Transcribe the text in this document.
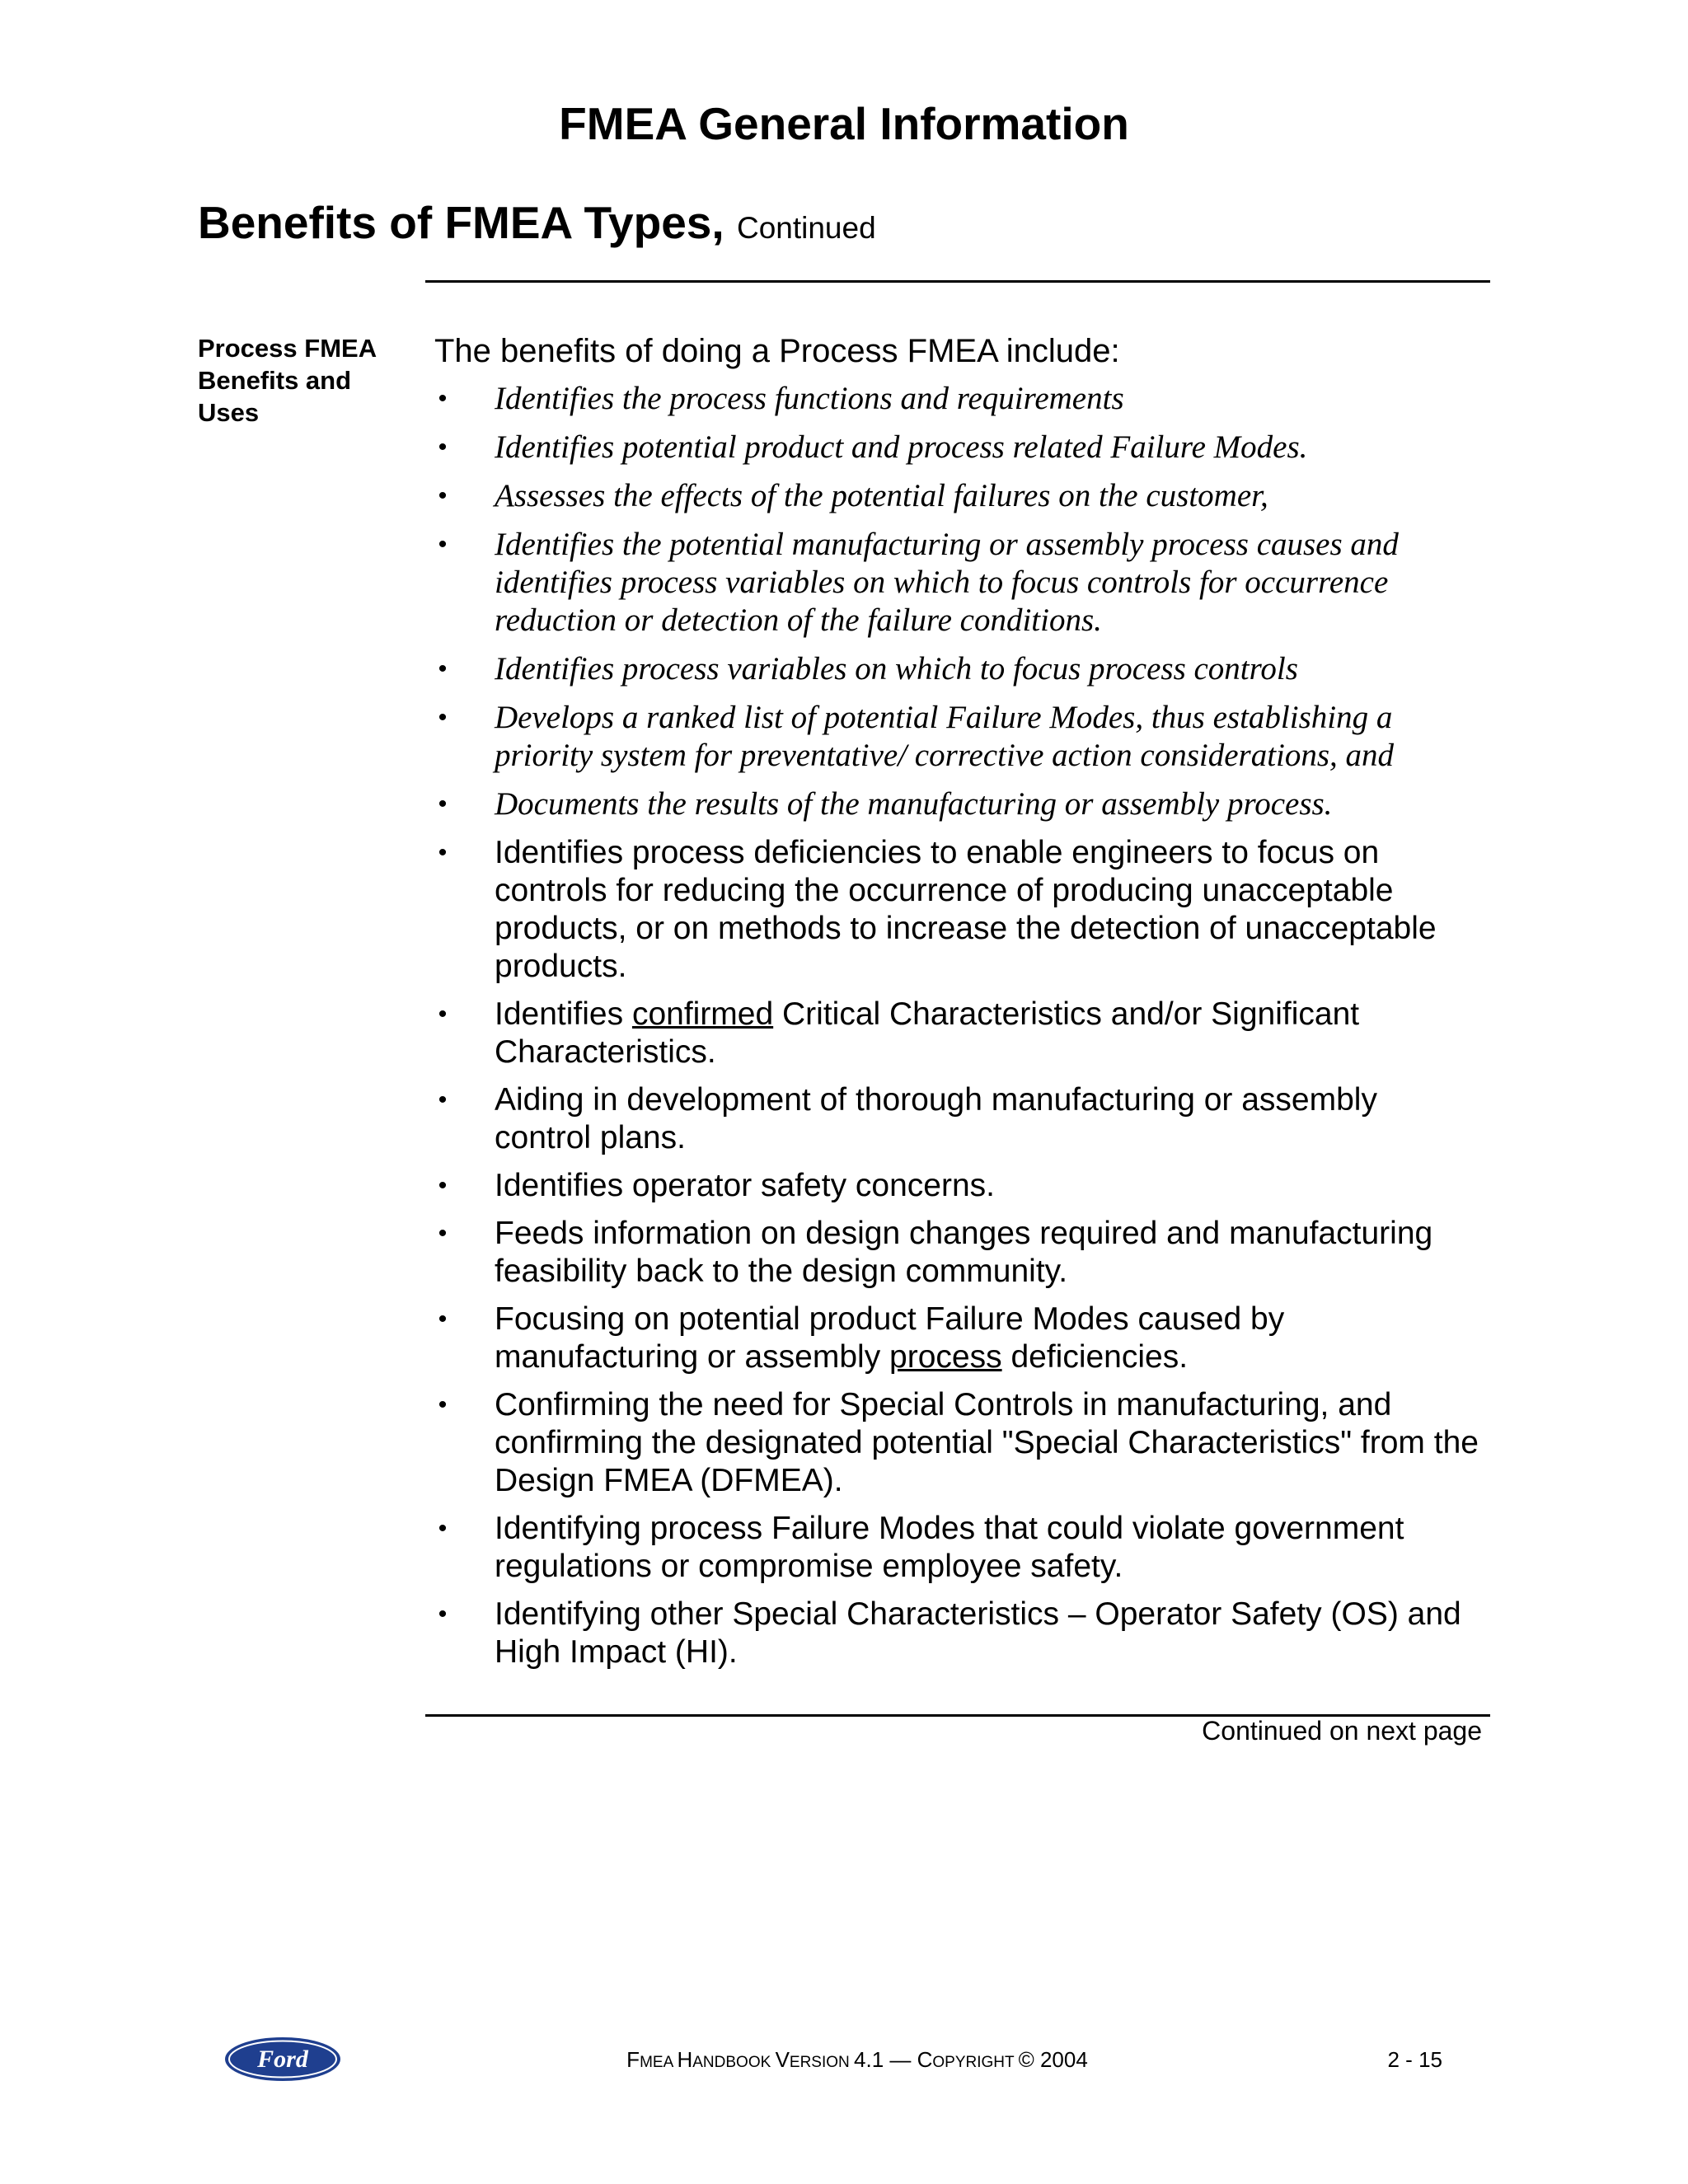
FMEA General Information
Benefits of FMEA Types, Continued
Process FMEA Benefits and Uses
The benefits of doing a Process FMEA include:
• Identifies the process functions and requirements
• Identifies potential product and process related Failure Modes.
• Assesses the effects of the potential failures on the customer,
• Identifies the potential manufacturing or assembly process causes and identifies process variables on which to focus controls for occurrence reduction or detection of the failure conditions.
• Identifies process variables on which to focus process controls
• Develops a ranked list of potential Failure Modes, thus establishing a priority system for preventative/ corrective action considerations, and
• Documents the results of the manufacturing or assembly process.
• Identifies process deficiencies to enable engineers to focus on controls for reducing the occurrence of producing unacceptable products, or on methods to increase the detection of unacceptable products.
• Identifies confirmed Critical Characteristics and/or Significant Characteristics.
• Aiding in development of thorough manufacturing or assembly control plans.
• Identifies operator safety concerns.
• Feeds information on design changes required and manufacturing feasibility back to the design community.
• Focusing on potential product Failure Modes caused by manufacturing or assembly process deficiencies.
• Confirming the need for Special Controls in manufacturing, and confirming the designated potential "Special Characteristics" from the Design FMEA (DFMEA).
• Identifying process Failure Modes that could violate government regulations or compromise employee safety.
• Identifying other Special Characteristics – Operator Safety (OS) and High Impact (HI).
Continued on next page
Ford	FMEA HANDBOOK VERSION 4.1 — COPYRIGHT © 2004	2 - 15
